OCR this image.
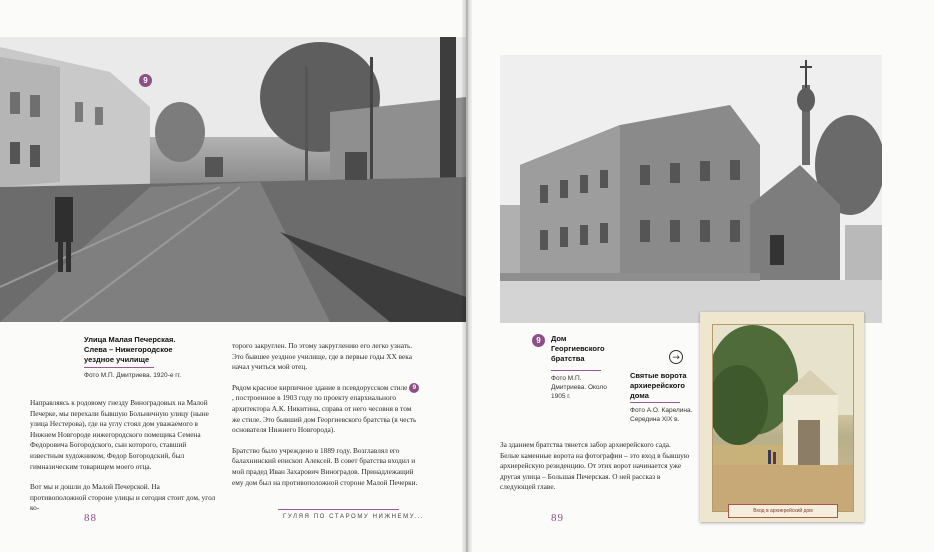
9
Улица Малая Печерская. Слева – Нижегородское уездное училище
Фото М.П. Дмитриева. 1920-е гг.

Направляясь к родовому гнезду Виноградовых на Малой Печерке, мы перехали бывшую Больничную улицу (ныне улица Нестерова), где на углу стоял дом уважаемого в Нижнем Новгороде нижегородского помещика Семена Федоровича Богородского, сын которого, ставший известным художником, Федор Богородский, был гимназическим товарищем моего отца.

Вот мы и дошли до Малой Печерской. На противоположной стороне улицы и сегодня стоит дом, угол ко-

торого закруглен. По этому закруглению его легко узнать. Это бывшее уездное училище, где в первые годы XX века начал учиться мой отец.

Рядом красное кирпичное здание в псевдорусском стиле 9, построенное в 1903 году по проекту епархиального архитектора А.К. Никитина, справа от него чесовня в том же стиле. Это бывший дом Георгиевского братства (в честь основателя Нижнего Новгорода).

Братство было учреждено в 1889 году. Возглавлял его балахнинский епископ Алексей. В совет братства входил и мой прадед Иван Захарович Виноградов. Принадлежащий ему дом был на противоположной стороне Малой Печерки.

88	ГУЛЯЯ ПО СТАРОМУ НИЖНЕМУ...
9	Дом Георгиевского братства
Фото М.П. Дмитриева. Около 1905 г.
→
Святые ворота архиерейского дома
Фото А.О. Карелина. Середина XIX в.

За зданием братства тянется забор архиерейского сада. Белые каменные ворота на фотографии – это вход в бывшую архиерейскую резиденцию. От этих ворот начинается уже другая улица – Большая Печерская. О ней рассказ в следующей главе.

Вход в архиерейский дом
89
